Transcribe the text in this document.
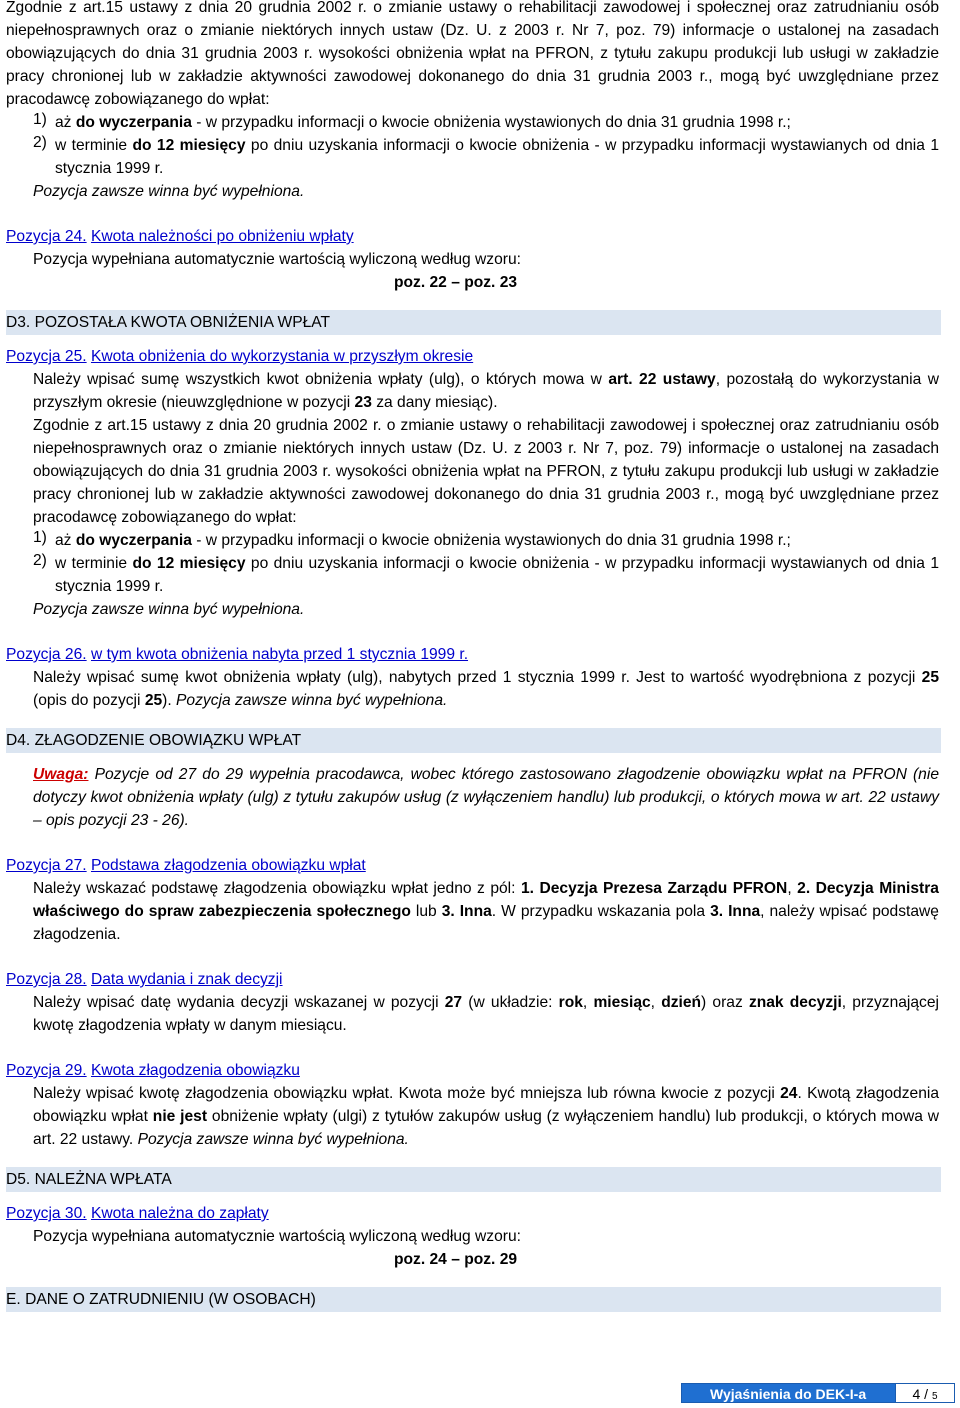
Zgodnie z art.15 ustawy z dnia 20 grudnia 2002 r. o zmianie ustawy o rehabilitacji zawodowej i społecznej oraz zatrudnianiu osób niepełnosprawnych oraz o zmianie niektórych innych ustaw (Dz. U. z 2003 r. Nr 7, poz. 79) informacje o ustalonej na zasadach obowiązujących do dnia 31 grudnia 2003 r. wysokości obniżenia wpłat na PFRON, z tytułu zakupu produkcji lub usługi w zakładzie pracy chronionej lub w zakładzie aktywności zawodowej dokonanego do dnia 31 grudnia 2003 r., mogą być uwzględniane przez pracodawcę zobowiązanego do wpłat:

1) aż do wyczerpania - w przypadku informacji o kwocie obniżenia wystawionych do dnia 31 grudnia 1998 r.;
2) w terminie do 12 miesięcy po dniu uzyskania informacji o kwocie obniżenia - w przypadku informacji wystawianych od dnia 1 stycznia 1999 r.

Pozycja zawsze winna być wypełniona.

Pozycja 24. Kwota należności po obniżeniu wpłaty

Pozycja wypełniana automatycznie wartością wyliczoną według wzoru:

poz. 22 – poz. 23

D3. POZOSTAŁA KWOTA OBNIŻENIA WPŁAT

Pozycja 25. Kwota obniżenia do wykorzystania w przyszłym okresie

Należy wpisać sumę wszystkich kwot obniżenia wpłaty (ulg), o których mowa w art. 22 ustawy, pozostałą do wykorzystania w przyszłym okresie (nieuwzględnione w pozycji 23 za dany miesiąc).

Zgodnie z art.15 ustawy z dnia 20 grudnia 2002 r. o zmianie ustawy o rehabilitacji zawodowej i społecznej oraz zatrudnianiu osób niepełnosprawnych oraz o zmianie niektórych innych ustaw (Dz. U. z 2003 r. Nr 7, poz. 79) informacje o ustalonej na zasadach obowiązujących do dnia 31 grudnia 2003 r. wysokości obniżenia wpłat na PFRON, z tytułu zakupu produkcji lub usługi w zakładzie pracy chronionej lub w zakładzie aktywności zawodowej dokonanego do dnia 31 grudnia 2003 r., mogą być uwzględniane przez pracodawcę zobowiązanego do wpłat:

1) aż do wyczerpania - w przypadku informacji o kwocie obniżenia wystawionych do dnia 31 grudnia 1998 r.;
2) w terminie do 12 miesięcy po dniu uzyskania informacji o kwocie obniżenia - w przypadku informacji wystawianych od dnia 1 stycznia 1999 r.

Pozycja zawsze winna być wypełniona.

Pozycja 26. w tym kwota obniżenia nabyta przed 1 stycznia 1999 r.

Należy wpisać sumę kwot obniżenia wpłaty (ulg), nabytych przed 1 stycznia 1999 r. Jest to wartość wyodrębniona z pozycji 25 (opis do pozycji 25). Pozycja zawsze winna być wypełniona.

D4. ZŁAGODZENIE OBOWIĄZKU WPŁAT

Uwaga: Pozycje od 27 do 29 wypełnia pracodawca, wobec którego zastosowano złagodzenie obowiązku wpłat na PFRON (nie dotyczy kwot obniżenia wpłaty (ulg) z tytułu zakupów usług (z wyłączeniem handlu) lub produkcji, o których mowa w art. 22 ustawy – opis pozycji 23 - 26).

Pozycja 27. Podstawa złagodzenia obowiązku wpłat

Należy wskazać podstawę złagodzenia obowiązku wpłat jedno z pól: 1. Decyzja Prezesa Zarządu PFRON, 2. Decyzja Ministra właściwego do spraw zabezpieczenia społecznego lub 3. Inna. W przypadku wskazania pola 3. Inna, należy wpisać podstawę złagodzenia.

Pozycja 28. Data wydania i znak decyzji

Należy wpisać datę wydania decyzji wskazanej w pozycji 27 (w układzie: rok, miesiąc, dzień) oraz znak decyzji, przyznającej kwotę złagodzenia wpłaty w danym miesiącu.

Pozycja 29. Kwota złagodzenia obowiązku

Należy wpisać kwotę złagodzenia obowiązku wpłat. Kwota może być mniejsza lub równa kwocie z pozycji 24. Kwotą złagodzenia obowiązku wpłat nie jest obniżenie wpłaty (ulgi) z tytułów zakupów usług (z wyłączeniem handlu) lub produkcji, o których mowa w art. 22 ustawy. Pozycja zawsze winna być wypełniona.

D5. NALEŻNA WPŁATA

Pozycja 30. Kwota należna do zapłaty

Pozycja wypełniana automatycznie wartością wyliczoną według wzoru:

poz. 24 – poz. 29

E. DANE O ZATRUDNIENIU (W OSOBACH)
Wyjaśnienia do DEK-I-a	4 / 5
